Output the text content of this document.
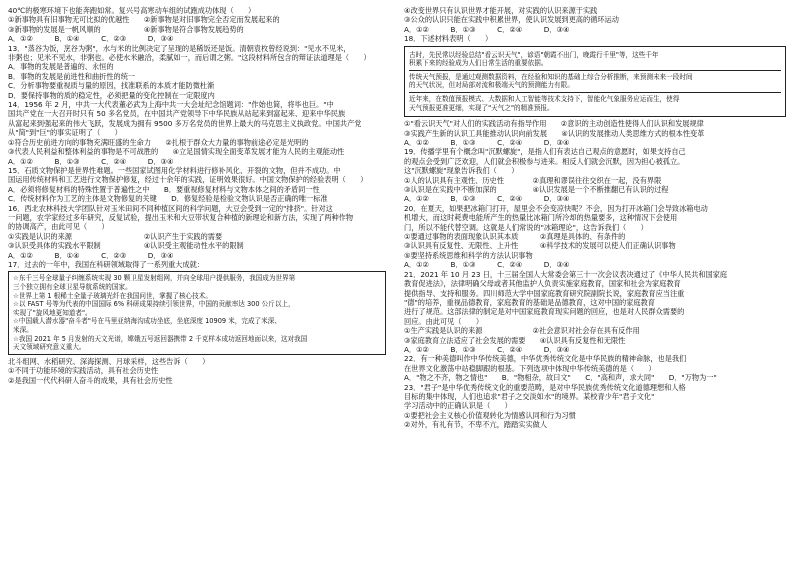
40℃的极寒环境下也能奔跑如常。复兴号高寒动车组的试跑成功体现（　　）
①新事物具有旧事物无可比拟的优越性　　②新事物是对旧事物完全否定而发展起来的
③新事物的发展是一帆风顺的　　　　　　④新事物是符合事物发展趋势的
A．①②　　　B．①④　　　C．②③　　　D．③④
13．"蒸谷为饭，烹谷为粥"，水与米的比例决定了呈现的是稀饭还是饭。清朝袁枚曾经说到："见水不见米，
非粥也；见米不见水，非粥也。必使水米融洽，柔腻如一，而后谓之粥。"这段材料所包含的辩证法道理是（　　）
A．事物的发展是普遍的、永恒的
B．事物的发展是前进性和曲折性的统一
C．分析事物要重视质与量的原因，找准联系的本质才能防微杜渐
D．要保持事物的质的稳定性，必须把量的变化控制在一定限度内
14．1956 年 2 月，中共一大代表董必武为上海中共一大会址纪念馆题词："作始也简，将毕也巨。"中
国共产党在一大召开时只有 50 多名党员，在中国共产党领导下中华民族从站起来到富起来、迎来中华民族
从富起来到强起来的伟大飞跃，发展成为拥有 9500 多万名党员的世界上最大的马克思主义执政党。中国共产党
从"简"到"巨"的事实证明了（　　）
①符合历史前进方向的事物充满旺盛的生命力　　②扎根于群众大力量的事物前途必定是光明的
③代表人民利益和整体利益的事物是不可战胜的　　④立足国情实现全面变革发展才能为人民的主观能动性
A．①②　　　B．①③　　　C．②④　　　D．③④
15．石质文物保护是世界性难题。一些国家试图用化学材料进行修补风化、开裂的文物，但并不成功。中
国运用传统材料和工艺进行文物保护修复，经过十余年的实践，证明效果很好。中国文物保护的经验表明（　　）
A．必须将修复材料的特殊性置于普遍性之中　　B．要重视修复材料与文物本体之间的矛盾同一性
C．传统材料作为工艺的主体是文物修复的关键　　D．修复经验是检验文物认识是否正确的唯一标准
16．西北农林科技大学团队针对玉米田间不同种植区间的科学问题，大豆会受到一定的"排挤"。针对这
一问题，农学家经过多年研究，反复试验，提出玉米和大豆带状复合种植的新理论和新方法，实现了两种作物
的协调高产，由此可见（　　）
①实践是认识的来源　　　　　　　　　　②认识产生于实践的需要
③认识受具体的实践水平限制　　　　　　④认识受主观能动性水平的限制
A．①②　　　B．①④　　　C．②③　　　D．③④
17．过去的一年中，我国在科研领域取得了一系列重大成就：
☆东千三号全球量子纠缠系统实现 30 颗卫星发射组网，并向全球用户提供服务，我国成为世界第
三个独立拥有全球卫星导航系统的国家。
☆世界上第 1 根稀土全量子玻璃光纤在我国问世，掌握了核心技术。
☆以 FAST 号等为代表的中国国际 6% 科研成果持续引领世界，中国的贡献率达 300 公斤以上，
实现了"旋风地更知道者"。
☆中国载人潜水器"奋斗者"号在马里亚纳海沟成功坐底，坐底深度 10909 米，完成了米深、
米深。
☆我国 2021 年 5 月发射的天文光谱，嫦娥五号返回器携带 2 千克样本成功返回地面以来，这对我国
天文领域研究意义重大。
北斗组网、水稻研究、深海探测、月球采样，这些告诉（　　）
①不同于功能环境的实践活动，具有社会历史性
②是我国一代代科研人奋斗的成果，具有社会历史性
④改变世界只有认识世界才能开展，对实践的认识来源于实践
③公众的认识只能在实践中积累世界，使认识发展到更高的循环运动
A．①②　　　B．①③　　　C．②④　　　D．③④
18．下述材料表明（　　）
古时，先民常以经验总结"看云识天气"，谚语"朝霞不出门，晚霞行千里"等，这些千年
积累下来的经验成为人们日常生活的重要依据。
传统天气预报，是通过观测数据资料，在经验和知识的基础上综合分析推断，来预测未来一段时间
的天气状况，但对局部对流和极端天气的预测能力有限。
近年来，在数值预报模式、大数据和人工智能等技术支持下，智能化气象服务应运而生，使得
天气预报更准更细，实现了"天气之"的精准预报。
①"看云识天气"对人们的实践活动有指导作用　　②意识的主动创造性使得人们认识和发展规律
③实践产生新的认识工具能推动认识向前发展　　④认识的发展推动人类思维方式的根本性变革
A．①②　　　B．①③　　　C．②④　　　D．③④
19．传播学里有个概念叫"沉默螺旋"，是指人们有表达自己观点的意愿时，如果支持自己
的观点会受到广泛欢迎，人们就会积极参与进来。相反人们就会沉默，因为担心被孤立。
这"沉默螺旋"现象告诉我们（　　）
①人的认识具有主观性、历史性　　　　②真理和谬误往往交织在一起，没有界限
③认识是在实践中不断加深的　　　　　④认识发展是一个不断推翻已有认识的过程
A．①②　　　B．①③　　　C．②④　　　D．③④
20．在夏天，如果把冰箱门打开，屋里会不会变凉快呢？不会，因为打开冰箱门会导致冰箱电动
机增大，而这时耗费电能所产生的热量比冰箱门所冷却的热量要多，这种情况下会使用
门，所以不能代替空调。这就是人们常说的"冰箱理论"，这告诉我们（　　）
①要通过事物的表面现象认识其本质　　　②真理是具体的、有条件的
③认识具有反复性、无限性、上升性　　　④科学技术的发展可以使人们正确认识事物
⑤要坚持系统思维和科学的方法认识事物
A．①②　　　B．①③　　　C．②④　　　D．③④
21．2021 年 10 月 23 日，十三届全国人大常委会第三十一次会议表决通过了《中华人民共和国家庭
教育促进法》，法律明确父母或者其他监护人负责实施家庭教育，国家和社会为家庭教育
提供指导、支持和服务。四川师范大学中国家庭教育研究院副院长说，家庭教育应当注重
"德"的培养，重视品德教育，家庭教育的基础是品德教育，这对中国的家庭教育
进行了规范。这部法律的制定是对中国家庭教育现实问题的回应，也是对人民群众需要的
回应。由此可见（　　）
①生产实践是认识的来源　　　　　　　②社会意识对社会存在具有反作用
③家庭教育立法适应了社会发展的需要　　④认识具有反复性和无限性
A．①②　　　B．①③　　　C．②④　　　D．③④
22．有一种美德叫作中华传统美德，中华优秀传统文化是中华民族的精神命脉，也是我们
在世界文化激荡中站稳脚跟的根基。下列选项中体现中华传统美德的是（　　）
A．"物之不齐，物之情也"　　B．"物相杂，故曰文"　　C．"高和声，求大同"　　D．"万物为一"
23．"君子"是中华优秀传统文化的重要范畴，是对中华民族优秀传统文化道德理想和人格
目标的集中体现，人们也追求"君子之交淡如水"的境界。某校青少年"君子文化"
学习活动中的正确认识是（　　）
①要把社会主义核心价值观转化为情感认同和行为习惯
②对外，有礼有节，不卑不亢，踏踏实实做人
